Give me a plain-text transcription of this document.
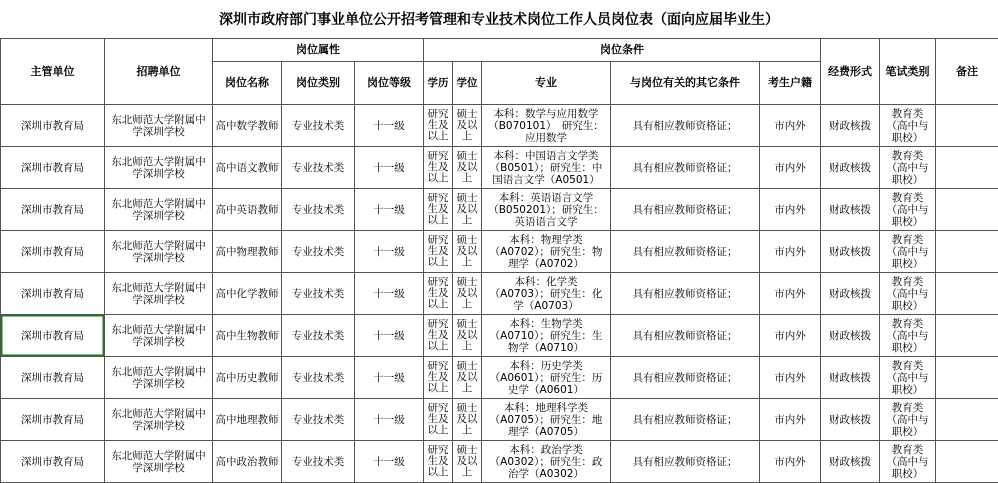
深圳市政府部门事业单位公开招考管理和专业技术岗位工作人员岗位表（面向应届毕业生）
主管单位	招聘单位	岗位属性			岗位条件					经费形式	笔试类别	备注
		岗位名称	岗位类别	岗位等级	学历	学位	专业	与岗位有关的其它条件	考生户籍			

深圳市教育局	东北师范大学附属中学深圳学校	高中数学教师	专业技术类	十一级	研究生及以上	硕士及以上	本科：数学与应用数学（B070101）　研究生：应用数学	具有相应教师资格证；	市内外	财政核拨	教育类（高中与职校）	

深圳市教育局	东北师范大学附属中学深圳学校	高中语文教师	专业技术类	十一级	研究生及以上	硕士及以上	本科：中国语言文学类（B0501）；研究生：中国语言文学（A0501）	具有相应教师资格证；	市内外	财政核拨	教育类（高中与职校）	

深圳市教育局	东北师范大学附属中学深圳学校	高中英语教师	专业技术类	十一级	研究生及以上	硕士及以上	本科：英语语言文学（B050201）；研究生：英语语言文学	具有相应教师资格证；	市内外	财政核拨	教育类（高中与职校）	

深圳市教育局	东北师范大学附属中学深圳学校	高中物理教师	专业技术类	十一级	研究生及以上	硕士及以上	本科：物理学类（A0702）；研究生：物理学（A0702）	具有相应教师资格证；	市内外	财政核拨	教育类（高中与职校）	

深圳市教育局	东北师范大学附属中学深圳学校	高中化学教师	专业技术类	十一级	研究生及以上	硕士及以上	本科：化学类（A0703）；研究生：化学（A0703）	具有相应教师资格证；	市内外	财政核拨	教育类（高中与职校）	

深圳市教育局	东北师范大学附属中学深圳学校	高中生物教师	专业技术类	十一级	研究生及以上	硕士及以上	本科：生物学类（A0710）；研究生：生物学（A0710）	具有相应教师资格证；	市内外	财政核拨	教育类（高中与职校）	

深圳市教育局	东北师范大学附属中学深圳学校	高中历史教师	专业技术类	十一级	研究生及以上	硕士及以上	本科：历史学类（A0601）；研究生：历史学（A0601）	具有相应教师资格证；	市内外	财政核拨	教育类（高中与职校）	

深圳市教育局	东北师范大学附属中学深圳学校	高中地理教师	专业技术类	十一级	研究生及以上	硕士及以上	本科：地理科学类（A0705）；研究生：地理学（A0705）	具有相应教师资格证；	市内外	财政核拨	教育类（高中与职校）	

深圳市教育局	东北师范大学附属中学深圳学校	高中政治教师	专业技术类	十一级	研究生及以上	硕士及以上	本科：政治学类（A0302）；研究生：政治学（A0302）	具有相应教师资格证；	市内外	财政核拨	教育类（高中与职校）	
